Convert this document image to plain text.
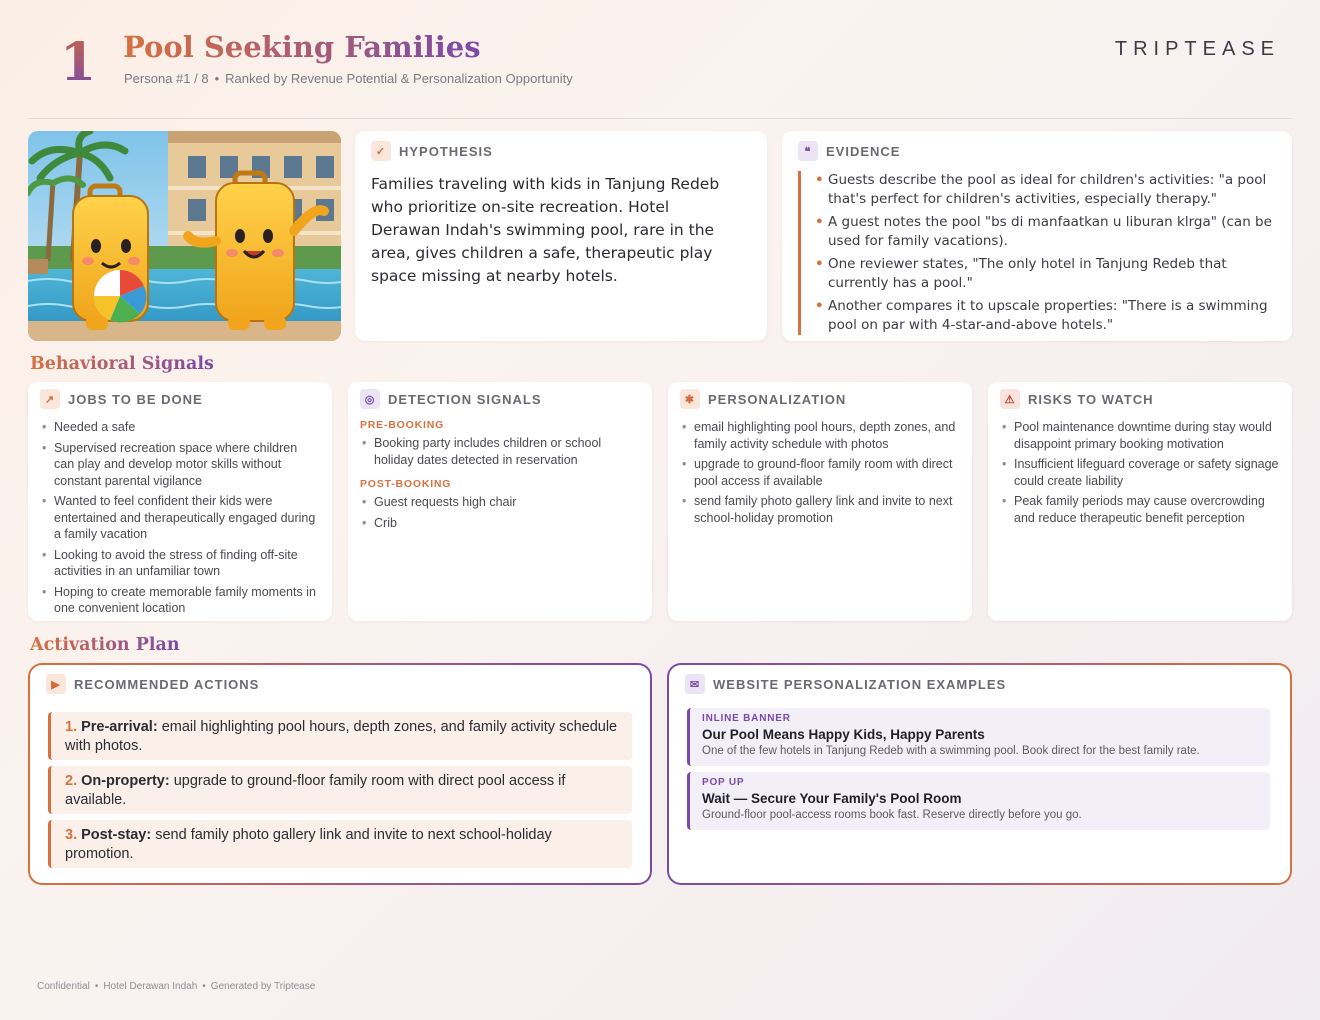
1 Pool Seeking Families
Persona #1 / 8 • Ranked by Revenue Potential & Personalization Opportunity
TRIPTEASE
✓ HYPOTHESIS
Families traveling with kids in Tanjung Redeb who prioritize on-site recreation. Hotel Derawan Indah's swimming pool, rare in the area, gives children a safe, therapeutic play space missing at nearby hotels.
❝	EVIDENCE
• Guests describe the pool as ideal for children's activities: "a pool that's perfect for children's activities, especially therapy."
• A guest notes the pool "bs di manfaatkan u liburan klrga" (can be used for family vacations).
• One reviewer states, "The only hotel in Tanjung Redeb that currently has a pool."
• Another compares it to upscale properties: "There is a swimming pool on par with 4-star-and-above hotels."
Behavioral Signals
↗ JOBS TO BE DONE
• Needed a safe
• Supervised recreation space where children can play and develop motor skills without constant parental vigilance
• Wanted to feel confident their kids were entertained and therapeutically engaged during a family vacation
• Looking to avoid the stress of finding off-site activities in an unfamiliar town
• Hoping to create memorable family moments in one convenient location
◎ DETECTION SIGNALS
PRE-BOOKING
• Booking party includes children or school holiday dates detected in reservation
POST-BOOKING
• Guest requests high chair
• Crib
✱ PERSONALIZATION
• email highlighting pool hours, depth zones, and family activity schedule with photos
• upgrade to ground-floor family room with direct pool access if available
• send family photo gallery link and invite to next school-holiday promotion
⚠ RISKS TO WATCH
• Pool maintenance downtime during stay would disappoint primary booking motivation
• Insufficient lifeguard coverage or safety signage could create liability
• Peak family periods may cause overcrowding and reduce therapeutic benefit perception
Activation Plan
▶	RECOMMENDED ACTIONS
1. Pre-arrival: email highlighting pool hours, depth zones, and family activity schedule with photos.
2. On-property: upgrade to ground-floor family room with direct pool access if available.
3. Post-stay: send family photo gallery link and invite to next school-holiday promotion.
✉ WEBSITE PERSONALIZATION EXAMPLES
INLINE BANNER
Our Pool Means Happy Kids, Happy Parents
One of the few hotels in Tanjung Redeb with a swimming pool. Book direct for the best family rate.
POP UP
Wait — Secure Your Family's Pool Room
Ground-floor pool-access rooms book fast. Reserve directly before you go.
Confidential • Hotel Derawan Indah • Generated by Triptease
